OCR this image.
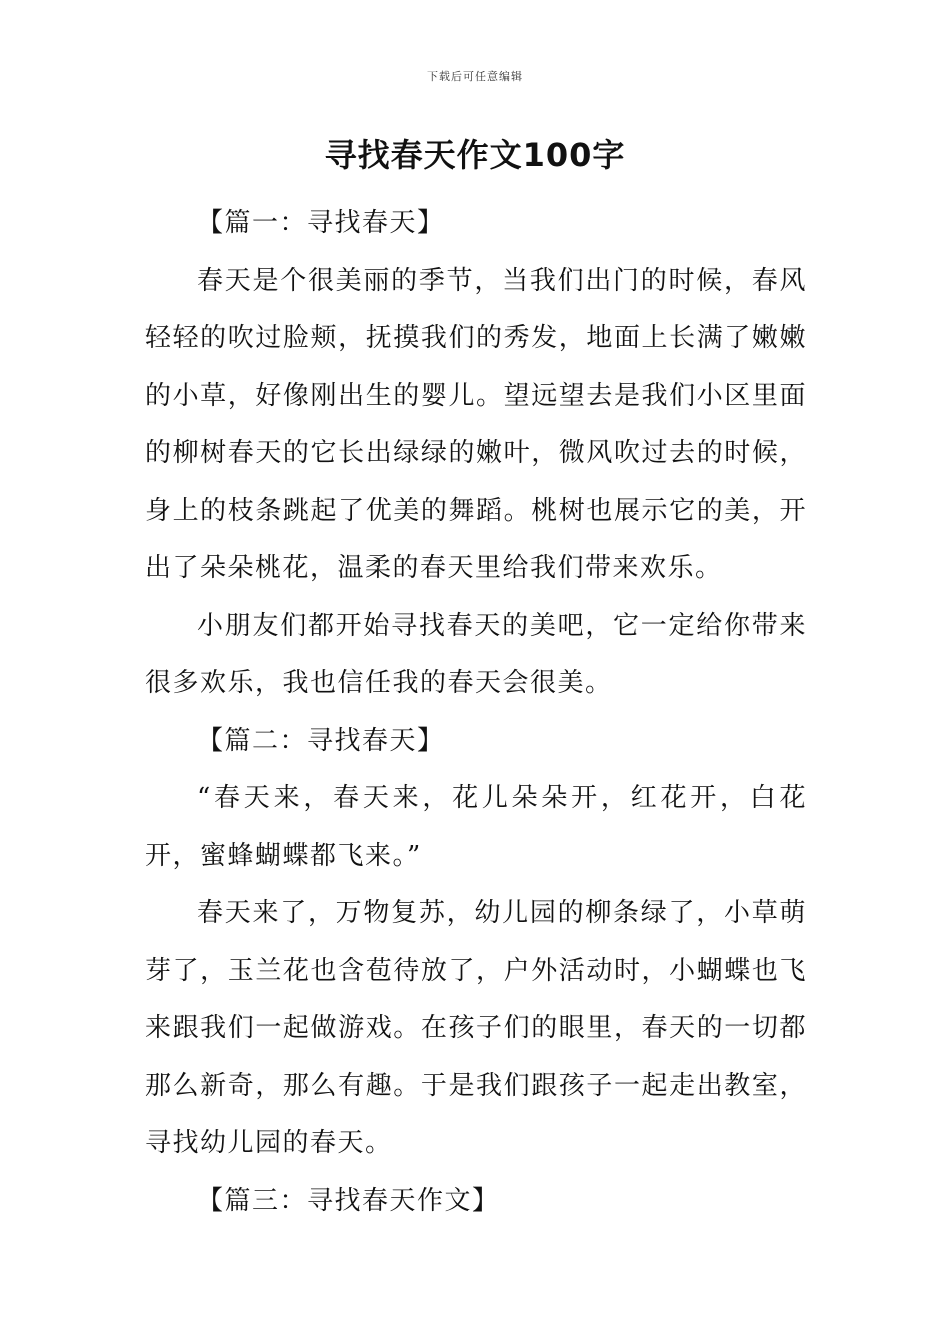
下载后可任意编辑
寻找春天作文100字

【篇一：寻找春天】

春天是个很美丽的季节，当我们出门的时候，春风轻轻的吹过脸颊，抚摸我们的秀发，地面上长满了嫩嫩的小草，好像刚出生的婴儿。望远望去是我们小区里面的柳树春天的它长出绿绿的嫩叶，微风吹过去的时候，身上的枝条跳起了优美的舞蹈。桃树也展示它的美，开出了朵朵桃花，温柔的春天里给我们带来欢乐。

小朋友们都开始寻找春天的美吧，它一定给你带来很多欢乐，我也信任我的春天会很美。

【篇二：寻找春天】

“春天来，春天来，花儿朵朵开，红花开，白花开，蜜蜂蝴蝶都飞来。”

春天来了，万物复苏，幼儿园的柳条绿了，小草萌芽了，玉兰花也含苞待放了，户外活动时，小蝴蝶也飞来跟我们一起做游戏。在孩子们的眼里，春天的一切都那么新奇，那么有趣。于是我们跟孩子一起走出教室，寻找幼儿园的春天。

【篇三：寻找春天作文】
